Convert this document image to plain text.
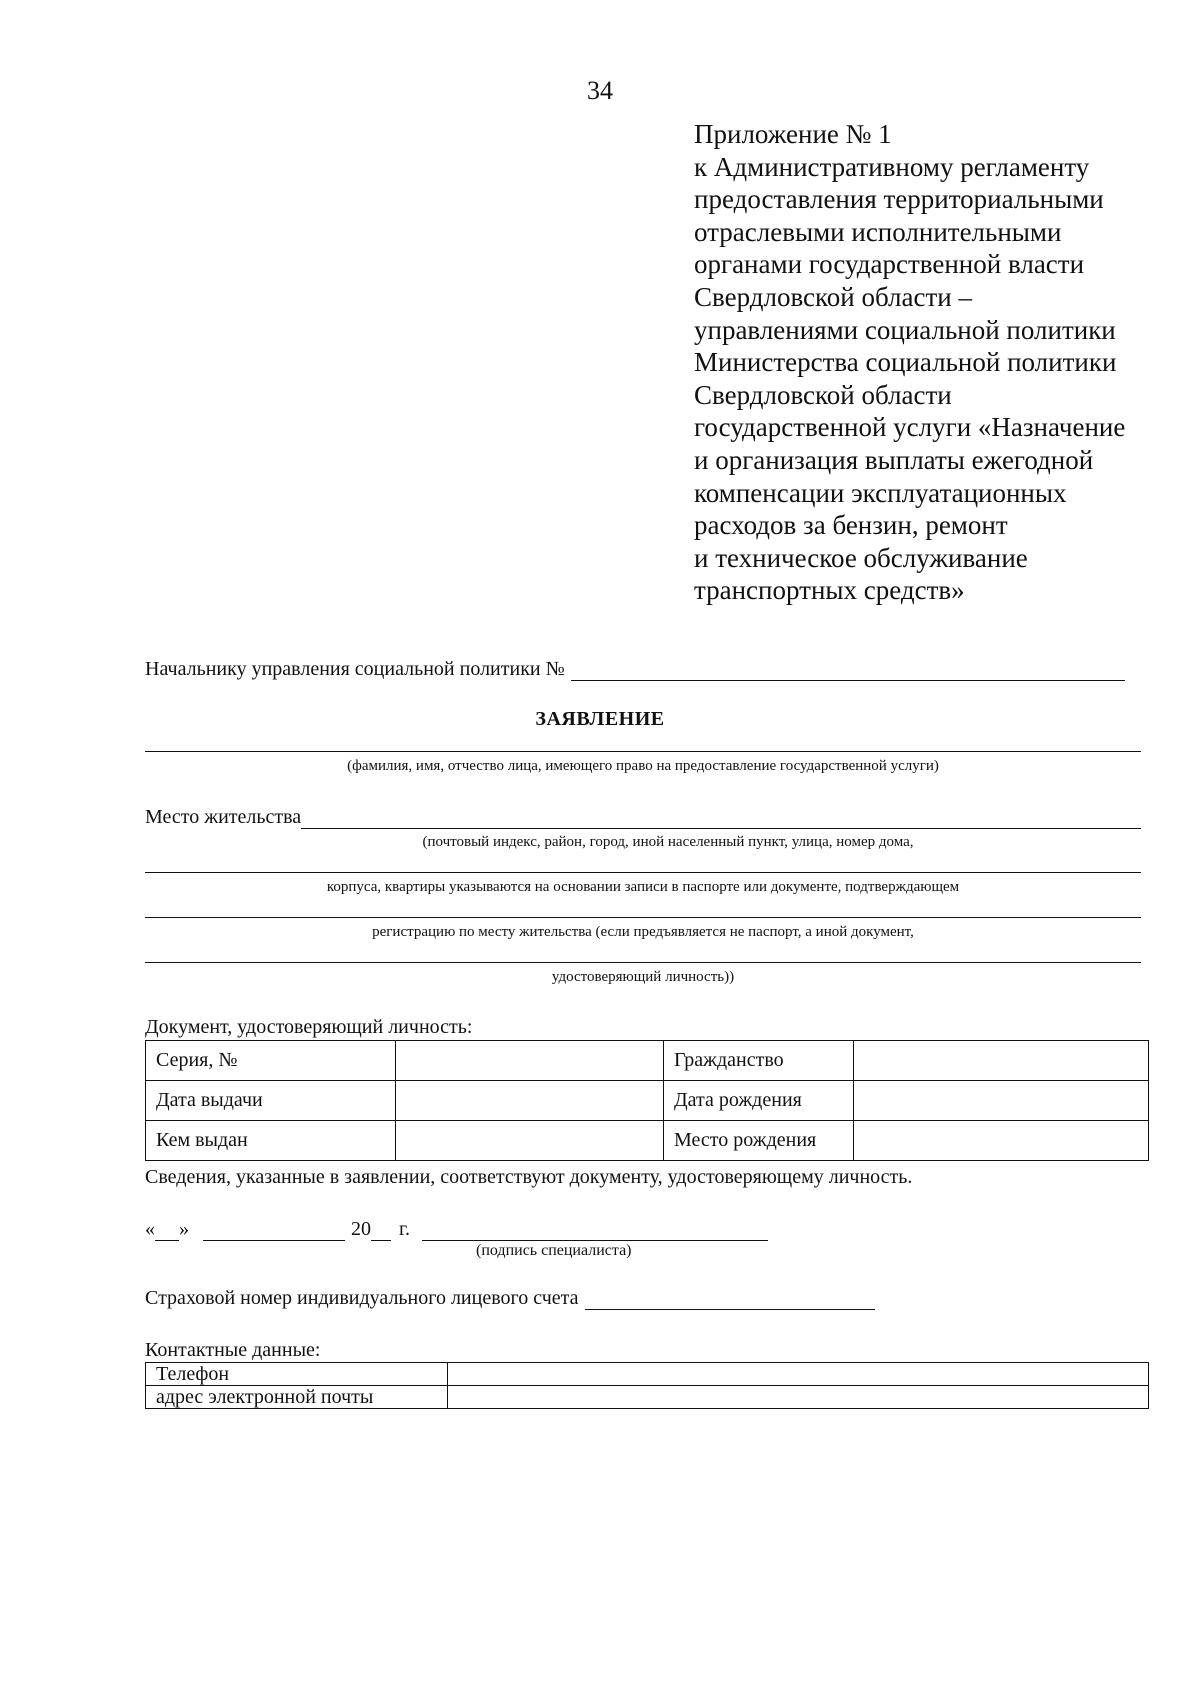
34
Приложение № 1
к Административному регламенту
предоставления территориальными
отраслевыми исполнительными
органами государственной власти
Свердловской области –
управлениями социальной политики
Министерства социальной политики
Свердловской области
государственной услуги «Назначение
и организация выплаты ежегодной
компенсации эксплуатационных
расходов за бензин, ремонт
и техническое обслуживание
транспортных средств»
Начальнику управления социальной политики №
ЗАЯВЛЕНИЕ
(фамилия, имя, отчество лица, имеющего право на предоставление государственной услуги)
Место жительства
(почтовый индекс, район, город, иной населенный пункт, улица, номер дома,
корпуса, квартиры указываются на основании записи в паспорте или документе, подтверждающем
регистрацию по месту жительства (если предъявляется не паспорт, а иной документ,
удостоверяющий личность))
Документ, удостоверяющий личность:
Серия, №		Гражданство	
Дата выдачи		Дата рождения	
Кем выдан		Место рождения	
Сведения, указанные в заявлении, соответствуют документу, удостоверяющему личность.
« »	20 г.
(подпись специалиста)
Страховой номер индивидуального лицевого счета
Контактные данные:
Телефон	
адрес электронной почты	
